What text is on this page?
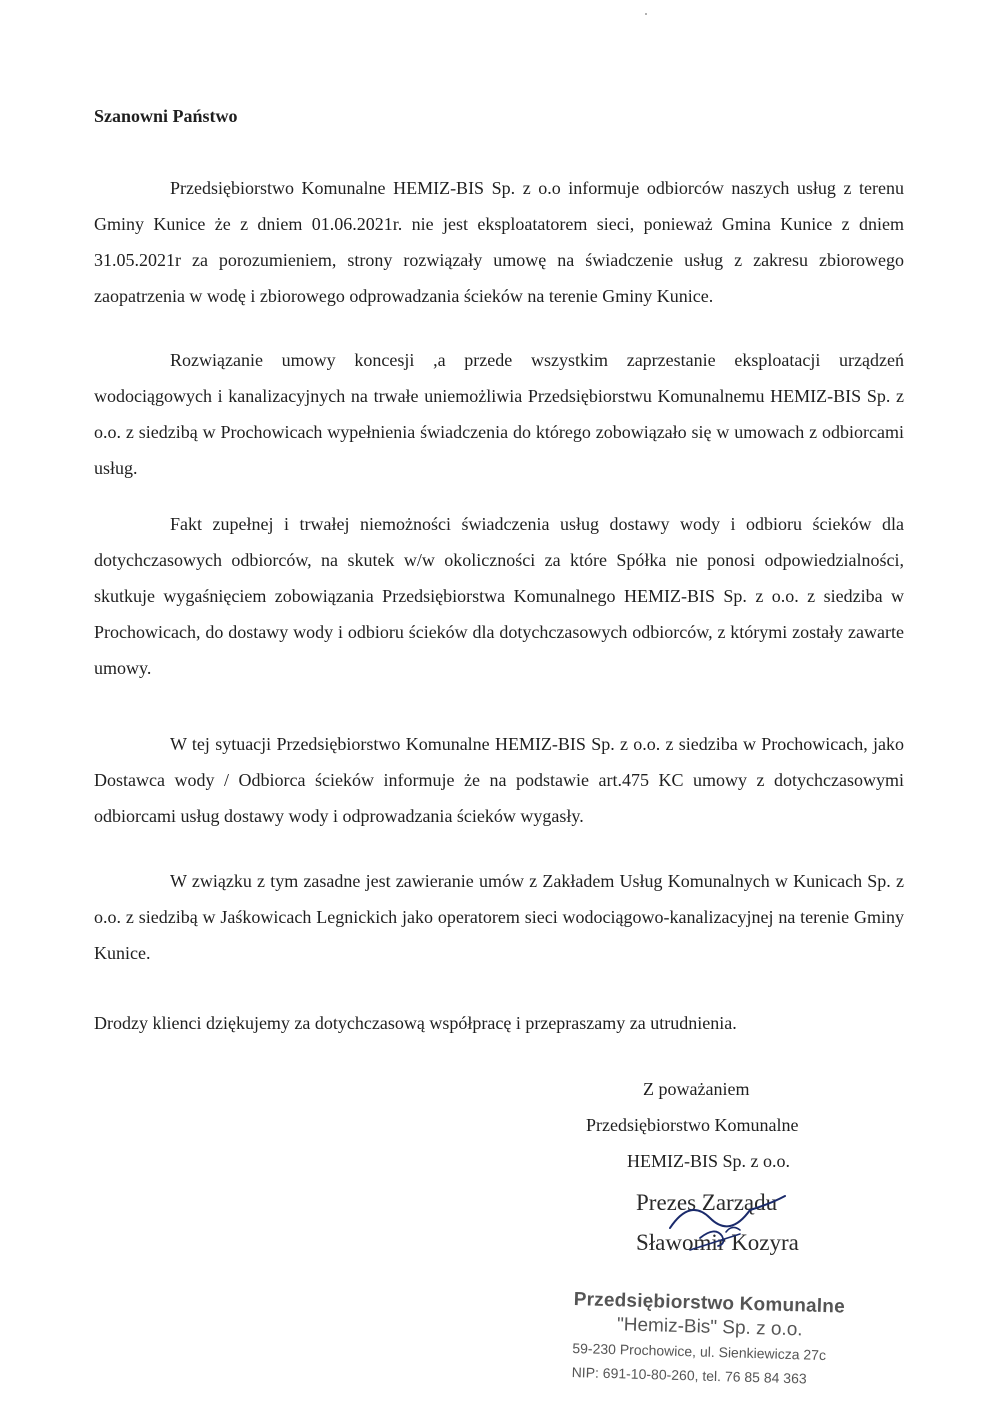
Szanowni Państwo

Przedsiębiorstwo Komunalne HEMIZ-BIS Sp. z o.o informuje odbiorców naszych usług z terenu Gminy Kunice że z dniem 01.06.2021r. nie jest eksploatatorem sieci, ponieważ Gmina Kunice z dniem 31.05.2021r za porozumieniem, strony rozwiązały umowę na świadczenie usług z zakresu zbiorowego zaopatrzenia w wodę i zbiorowego odprowadzania ścieków na terenie Gminy Kunice.

Rozwiązanie umowy koncesji ,a przede wszystkim zaprzestanie eksploatacji urządzeń wodociągowych i kanalizacyjnych na trwałe uniemożliwia Przedsiębiorstwu Komunalnemu HEMIZ-BIS Sp. z o.o. z siedzibą w Prochowicach wypełnienia świadczenia do którego zobowiązało się w umowach z odbiorcami usług.

Fakt zupełnej i trwałej niemożności świadczenia usług dostawy wody i odbioru ścieków dla dotychczasowych odbiorców, na skutek w/w okoliczności za które Spółka nie ponosi odpowiedzialności, skutkuje wygaśnięciem zobowiązania Przedsiębiorstwa Komunalnego HEMIZ-BIS Sp. z o.o. z siedziba w Prochowicach, do dostawy wody i odbioru ścieków dla dotychczasowych odbiorców, z którymi zostały zawarte umowy.

W tej sytuacji Przedsiębiorstwo Komunalne HEMIZ-BIS Sp. z o.o. z siedziba w Prochowicach, jako Dostawca wody / Odbiorca ścieków informuje że na podstawie art.475 KC umowy z dotychczasowymi odbiorcami usług dostawy wody i odprowadzania ścieków wygasły.

W związku z tym zasadne jest zawieranie umów z Zakładem Usług Komunalnych w Kunicach Sp. z o.o. z siedzibą w Jaśkowicach Legnickich jako operatorem sieci wodociągowo-kanalizacyjnej na terenie Gminy Kunice.

Drodzy klienci dziękujemy za dotychczasową współpracę i przepraszamy za utrudnienia.

Z poważaniem
Przedsiębiorstwo Komunalne
HEMIZ-BIS Sp. z o.o.
Prezes Zarządu
Sławomir Kozyra
Przedsiębiorstwo Komunalne
"Hemiz-Bis" Sp. z o.o.
59-230 Prochowice, ul. Sienkiewicza 27c
NIP: 691-10-80-260, tel. 76 85 84 363
